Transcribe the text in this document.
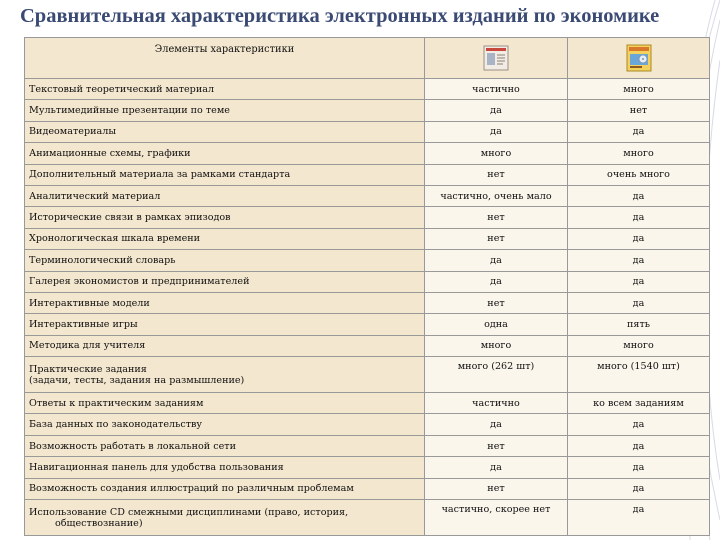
Сравнительная характеристика электронных изданий по экономике
Элементы характеристики		
Текстовый теоретический материал	частично	много
Мультимедийные презентации по теме	да	нет
Видеоматериалы	да	да
Анимационные схемы, графики	много	много
Дополнительный материала за рамками стандарта	нет	очень много
Аналитический материал	частично, очень мало	да
Исторические связи в рамках эпизодов	нет	да
Хронологическая шкала времени	нет	да
Терминологический словарь	да	да
Галерея экономистов и предпринимателей	да	да
Интерактивные модели	нет	да
Интерактивные игры	одна	пять
Методика для учителя	много	много

Практические задания
(задачи, тесты, задания на размышление)	много (262 шт)	много (1540 шт)
Ответы к практическим заданиям	частично	ко всем заданиям
База данных по законодательству	да	да
Возможность работать в локальной сети	нет	да
Навигационная панель для удобства пользования	да	да
Возможность создания иллюстраций по различным проблемам	нет	да

Использование CD смежными дисциплинами (право, история,
обществознание)	частично, скорее нет	да
